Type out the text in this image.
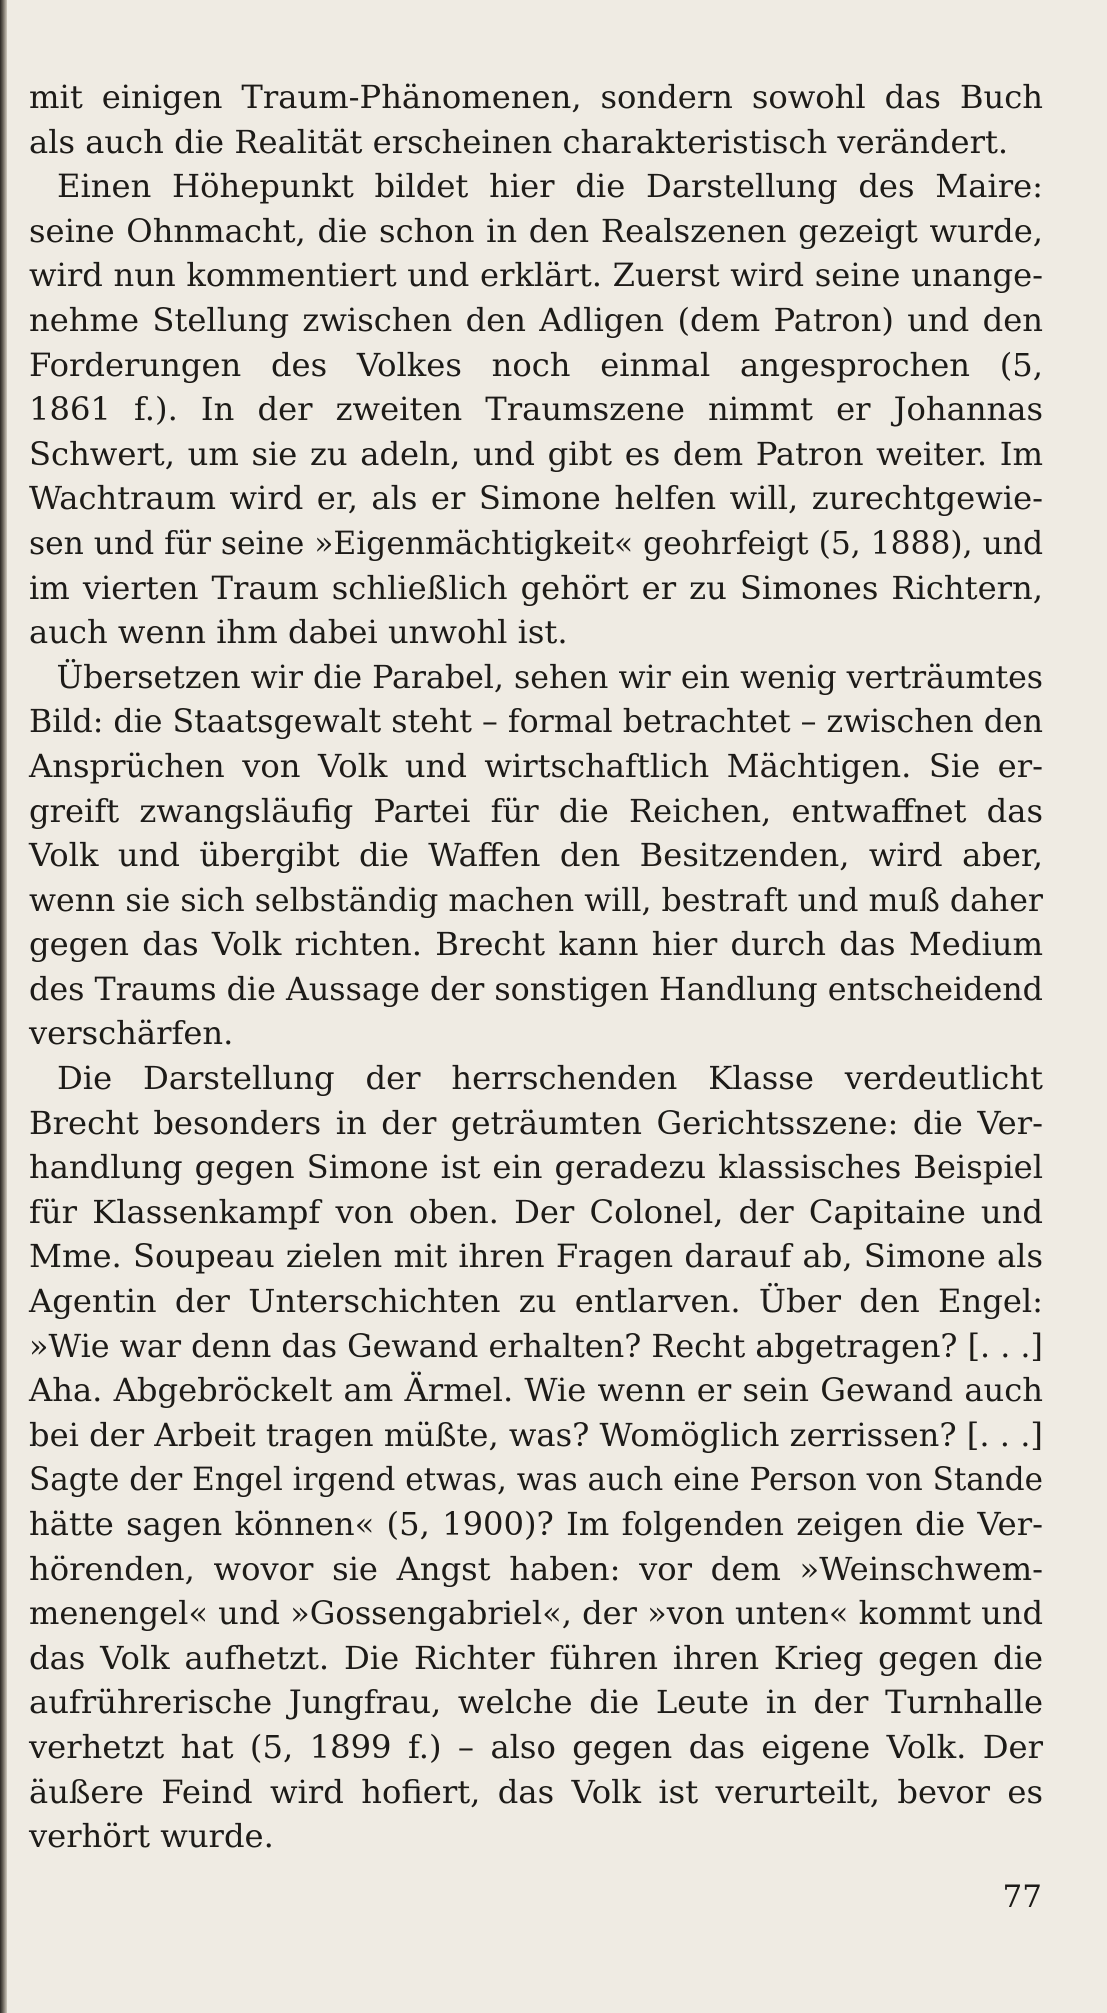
mit einigen Traum-Phänomenen, sondern sowohl das Buch
als auch die Realität erscheinen charakteristisch verändert.
Einen Höhepunkt bildet hier die Darstellung des Maire:
seine Ohnmacht, die schon in den Realszenen gezeigt wurde,
wird nun kommentiert und erklärt. Zuerst wird seine unange-
nehme Stellung zwischen den Adligen (dem Patron) und den
Forderungen des Volkes noch einmal angesprochen (5,
1861 f.). In der zweiten Traumszene nimmt er Johannas
Schwert, um sie zu adeln, und gibt es dem Patron weiter. Im
Wachtraum wird er, als er Simone helfen will, zurechtgewie-
sen und für seine »Eigenmächtigkeit« geohrfeigt (5, 1888), und
im vierten Traum schließlich gehört er zu Simones Richtern,
auch wenn ihm dabei unwohl ist.
Übersetzen wir die Parabel, sehen wir ein wenig verträumtes
Bild: die Staatsgewalt steht – formal betrachtet – zwischen den
Ansprüchen von Volk und wirtschaftlich Mächtigen. Sie er-
greift zwangsläufig Partei für die Reichen, entwaffnet das
Volk und übergibt die Waffen den Besitzenden, wird aber,
wenn sie sich selbständig machen will, bestraft und muß daher
gegen das Volk richten. Brecht kann hier durch das Medium
des Traums die Aussage der sonstigen Handlung entscheidend
verschärfen.
Die Darstellung der herrschenden Klasse verdeutlicht
Brecht besonders in der geträumten Gerichtsszene: die Ver-
handlung gegen Simone ist ein geradezu klassisches Beispiel
für Klassenkampf von oben. Der Colonel, der Capitaine und
Mme. Soupeau zielen mit ihren Fragen darauf ab, Simone als
Agentin der Unterschichten zu entlarven. Über den Engel:
»Wie war denn das Gewand erhalten? Recht abgetragen? [. . .]
Aha. Abgebröckelt am Ärmel. Wie wenn er sein Gewand auch
bei der Arbeit tragen müßte, was? Womöglich zerrissen? [. . .]
Sagte der Engel irgend etwas, was auch eine Person von Stande
hätte sagen können« (5, 1900)? Im folgenden zeigen die Ver-
hörenden, wovor sie Angst haben: vor dem »Weinschwem-
menengel« und »Gossengabriel«, der »von unten« kommt und
das Volk aufhetzt. Die Richter führen ihren Krieg gegen die
aufrührerische Jungfrau, welche die Leute in der Turnhalle
verhetzt hat (5, 1899 f.) – also gegen das eigene Volk. Der
äußere Feind wird hofiert, das Volk ist verurteilt, bevor es
verhört wurde.
77
